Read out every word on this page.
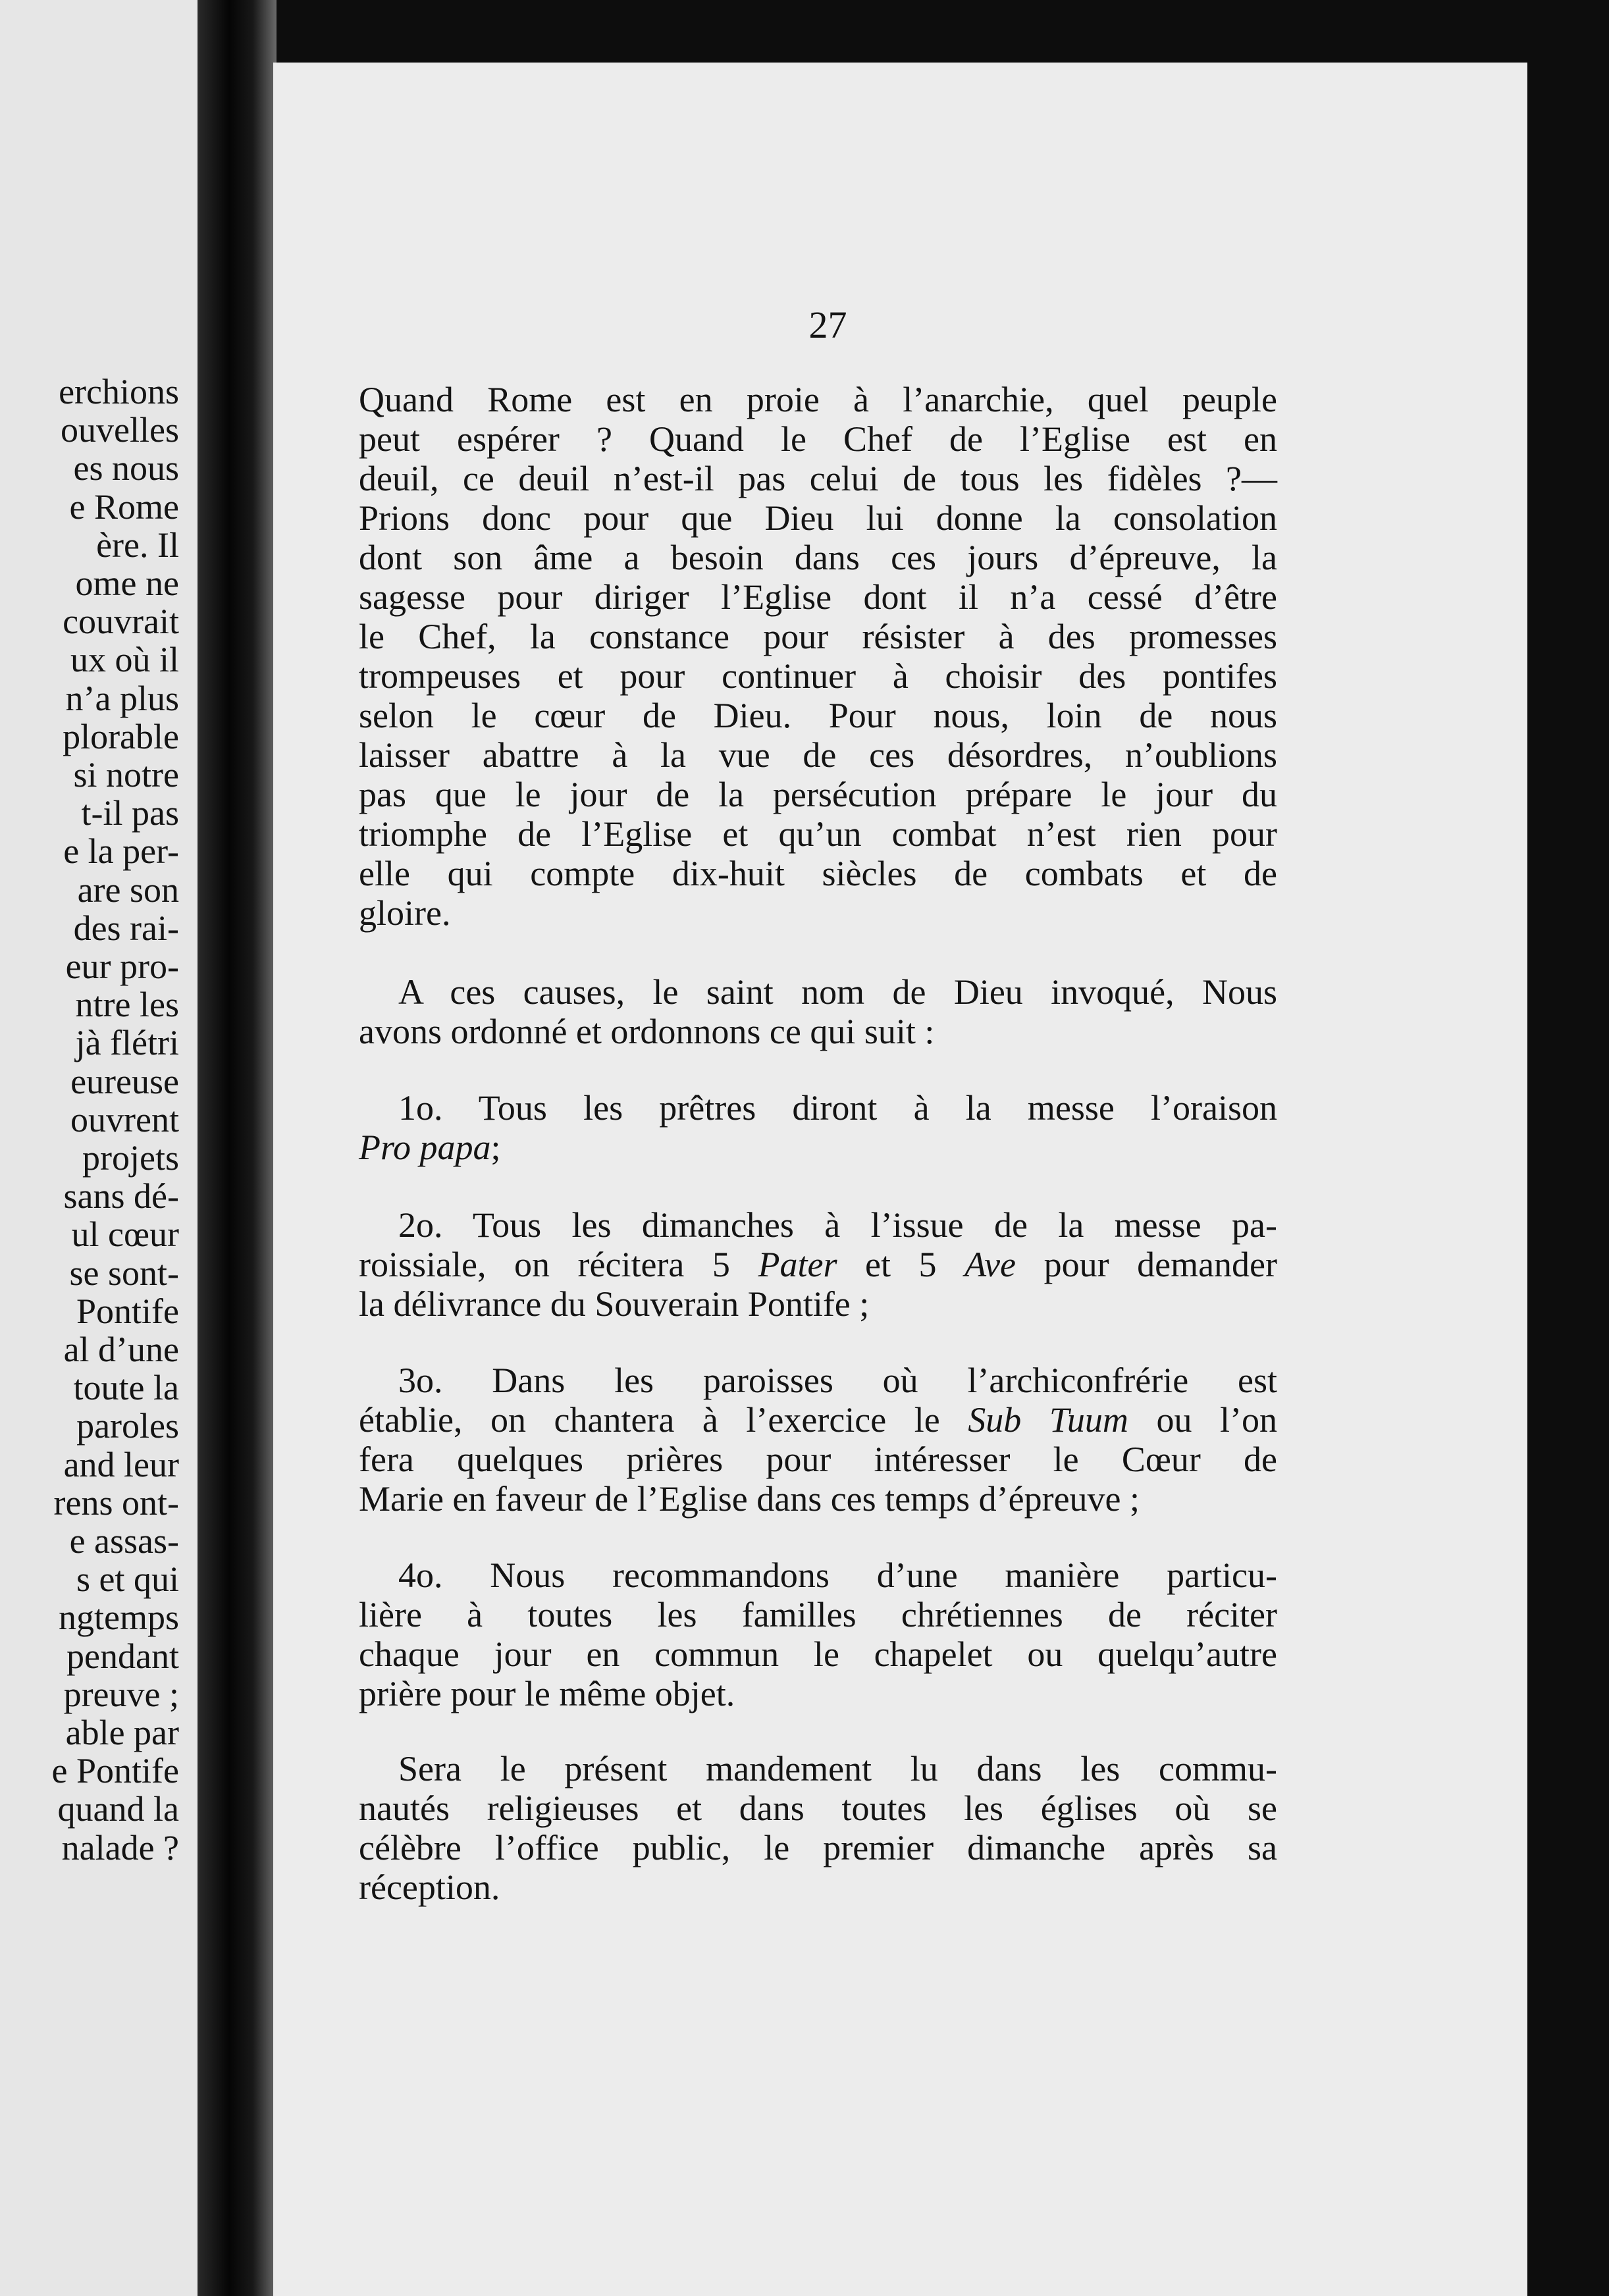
erchions
ouvelles
es nous
e Rome
ère. Il
ome ne
couvrait
ux où il
n’a plus
plorable
si notre
t-il pas
e la per-
are son
des rai-
eur pro-
ntre les
jà flétri
eureuse
ouvrent
projets
sans dé-
ul cœur
se sont-
Pontife
al d’une
toute la
paroles
and leur
rens ont-
e assas-
s et qui
ngtemps
pendant
preuve ;
able par
e Pontife
quand la
nalade ?
27
Quand Rome est en proie à l’anarchie, quel peuple
peut espérer ? Quand le Chef de l’Eglise est en
deuil, ce deuil n’est-il pas celui de tous les fidèles ?—
Prions donc pour que Dieu lui donne la consolation
dont son âme a besoin dans ces jours d’épreuve, la
sagesse pour diriger l’Eglise dont il n’a cessé d’être
le Chef, la constance pour résister à des promesses
trompeuses et pour continuer à choisir des pontifes
selon le cœur de Dieu. Pour nous, loin de nous
laisser abattre à la vue de ces désordres, n’oublions
pas que le jour de la persécution prépare le jour du
triomphe de l’Eglise et qu’un combat n’est rien pour
elle qui compte dix-huit siècles de combats et de
gloire.
A ces causes, le saint nom de Dieu invoqué, Nous
avons ordonné et ordonnons ce qui suit :
1o. Tous les prêtres diront à la messe l’oraison
Pro papa;
2o. Tous les dimanches à l’issue de la messe pa-
roissiale, on récitera 5 Pater et 5 Ave pour demander
la délivrance du Souverain Pontife ;
3o. Dans les paroisses où l’archiconfrérie est
établie, on chantera à l’exercice le Sub Tuum ou l’on
fera quelques prières pour intéresser le Cœur de
Marie en faveur de l’Eglise dans ces temps d’épreuve ;
4o. Nous recommandons d’une manière particu-
lière à toutes les familles chrétiennes de réciter
chaque jour en commun le chapelet ou quelqu’autre
prière pour le même objet.
Sera le présent mandement lu dans les commu-
nautés religieuses et dans toutes les églises où se
célèbre l’office public, le premier dimanche après sa
réception.
